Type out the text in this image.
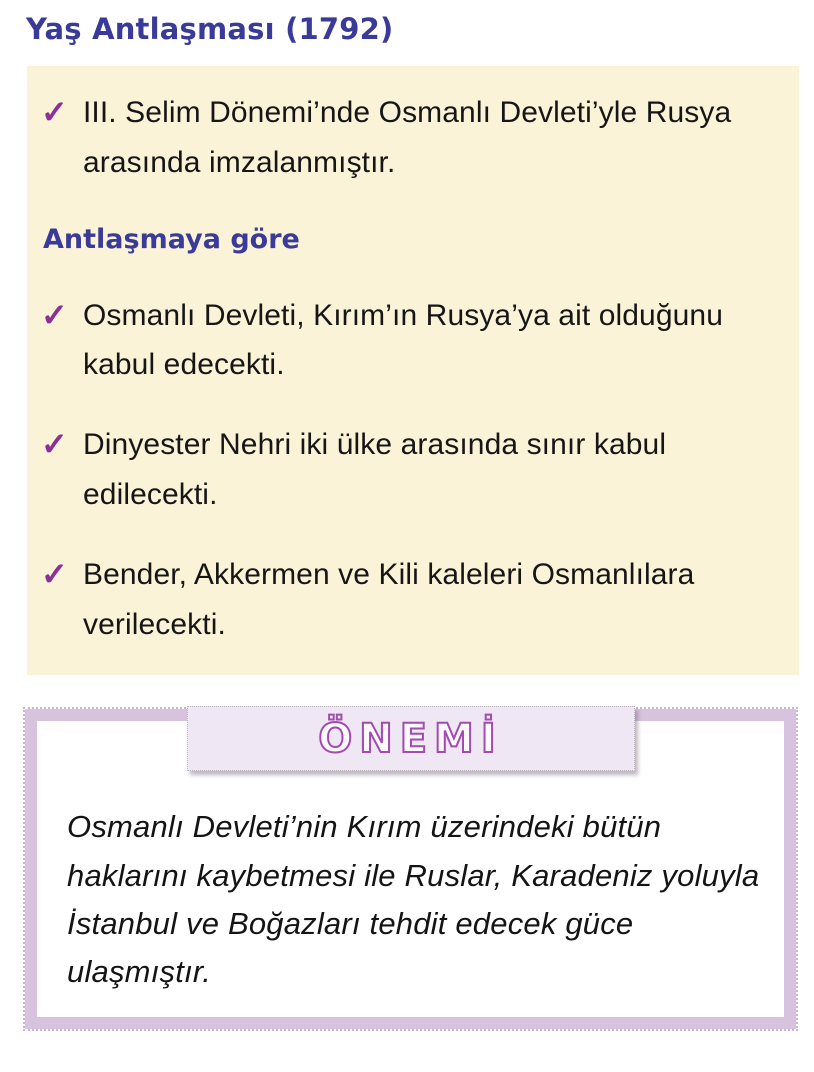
Yaş Antlaşması (1792)
✓ III. Selim Dönemi’nde Osmanlı Devleti’yle Rusya arasında imzalanmıştır.

Antlaşmaya göre
✓ Osmanlı Devleti, Kırım’ın Rusya’ya ait olduğunu kabul edecekti.

✓ Dinyester Nehri iki ülke arasında sınır kabul edilecekti.

✓ Bender, Akkermen ve Kili kaleleri Osmanlılara verilecekti.

ÖNEMİ

Osmanlı Devleti’nin Kırım üzerindeki bütün haklarını kaybetmesi ile Ruslar, Karadeniz yoluyla İstanbul ve Boğazları tehdit edecek güce ulaşmıştır.
